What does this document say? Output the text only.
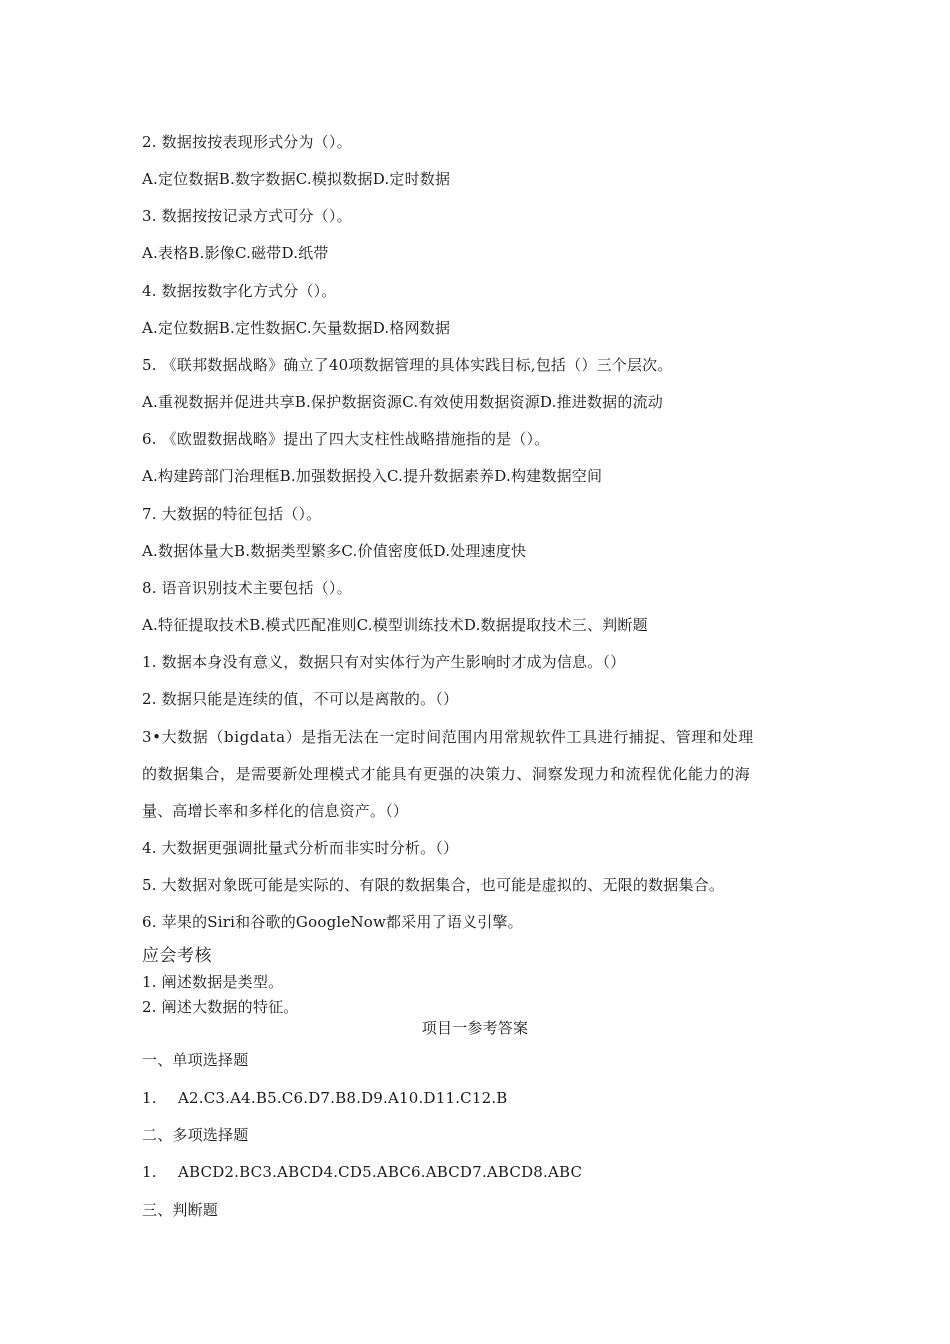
2. 数据按按表现形式分为（）。
A.定位数据B.数字数据C.模拟数据D.定时数据
3. 数据按按记录方式可分（）。
A.表格B.影像C.磁带D.纸带
4. 数据按数字化方式分（）。
A.定位数据B.定性数据C.矢量数据D.格网数据
5. 《联邦数据战略》确立了40项数据管理的具体实践目标,包括（）三个层次。
A.重视数据并促进共享B.保护数据资源C.有效使用数据资源D.推进数据的流动
6. 《欧盟数据战略》提出了四大支柱性战略措施指的是（）。
A.构建跨部门治理框B.加强数据投入C.提升数据素养D.构建数据空间
7. 大数据的特征包括（）。
A.数据体量大B.数据类型繁多C.价值密度低D.处理速度快
8. 语音识别技术主要包括（）。
A.特征提取技术B.模式匹配准则C.模型训练技术D.数据提取技术三、判断题
1. 数据本身没有意义，数据只有对实体行为产生影响时才成为信息。（）
2. 数据只能是连续的值，不可以是离散的。（）
3•大数据（bigdata）是指无法在一定时间范围内用常规软件工具进行捕捉、管理和处理
的数据集合，是需要新处理模式才能具有更强的决策力、洞察发现力和流程优化能力的海
量、高增长率和多样化的信息资产。（）
4. 大数据更强调批量式分析而非实时分析。（）
5. 大数据对象既可能是实际的、有限的数据集合，也可能是虚拟的、无限的数据集合。
6. 苹果的Siri和谷歌的GoogleNow都采用了语义引擎。
应会考核
1. 阐述数据是类型。
2. 阐述大数据的特征。
项目一参考答案
一、单项选择题
1. A2.C3.A4.B5.C6.D7.B8.D9.A10.D11.C12.B
二、多项选择题
1. ABCD2.BC3.ABCD4.CD5.ABC6.ABCD7.ABCD8.ABC
三、判断题
